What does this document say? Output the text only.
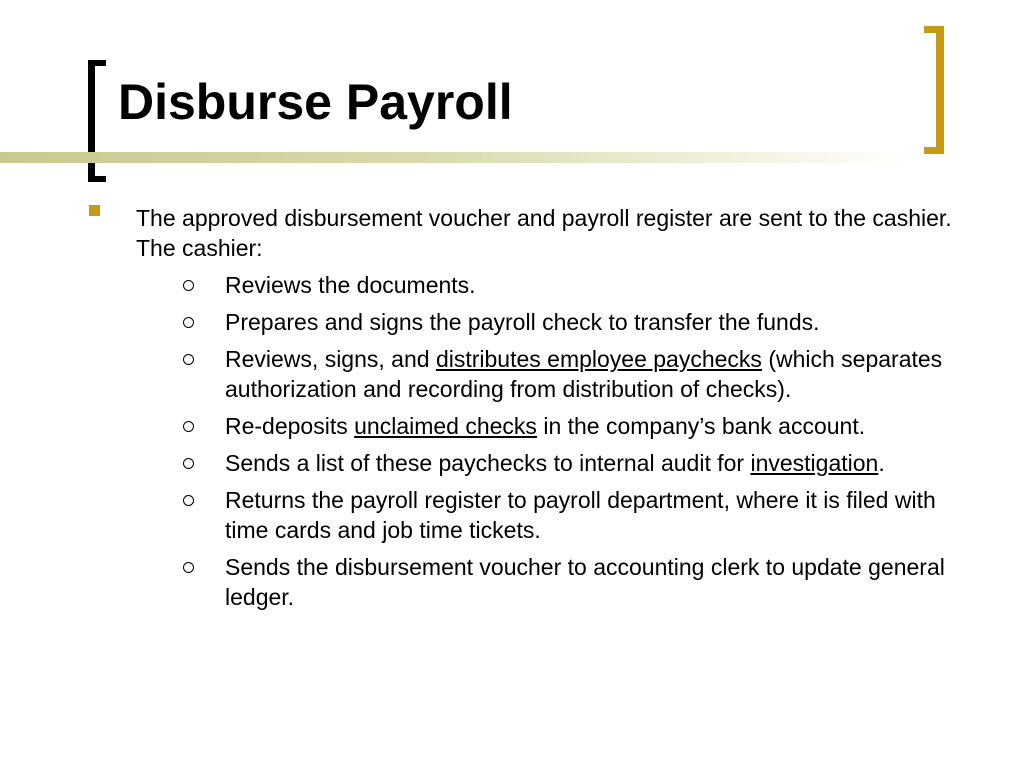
Disburse Payroll

The approved disbursement voucher and payroll register are sent to the cashier. The cashier:

Reviews the documents.
Prepares and signs the payroll check to transfer the funds.
Reviews, signs, and distributes employee paychecks (which separates authorization and recording from distribution of checks).
Re-deposits unclaimed checks in the company’s bank account.
Sends a list of these paychecks to internal audit for investigation.
Returns the payroll register to payroll department, where it is filed with time cards and job time tickets.
Sends the disbursement voucher to accounting clerk to update general ledger.
